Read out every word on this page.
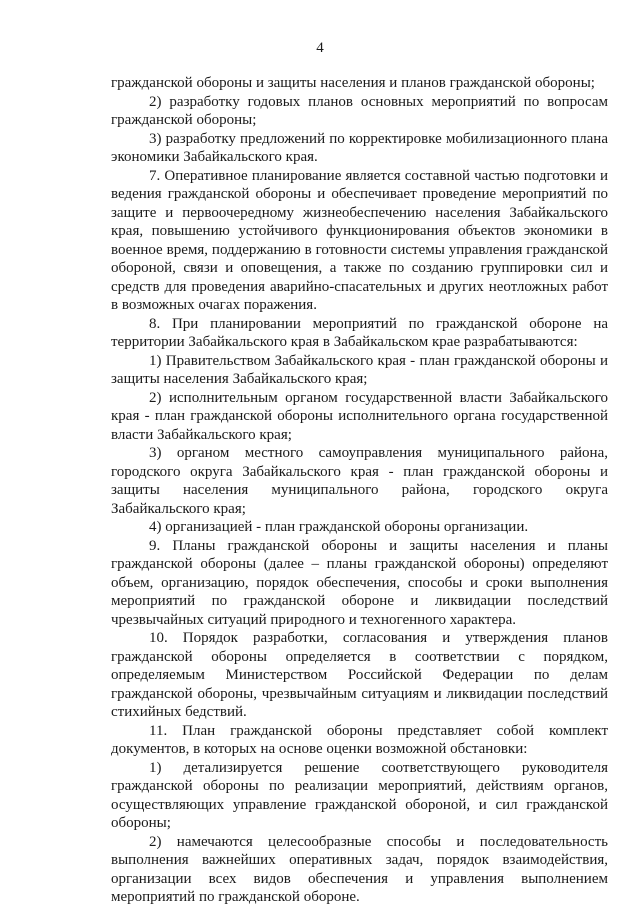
4

гражданской обороны и защиты населения и планов гражданской обороны;

2) разработку годовых планов основных мероприятий по вопросам гражданской обороны;

3) разработку предложений по корректировке мобилизационного плана экономики Забайкальского края.

7. Оперативное планирование является составной частью подготовки и ведения гражданской обороны и обеспечивает проведение мероприятий по защите и первоочередному жизнеобеспечению населения Забайкальского края, повышению устойчивого функционирования объектов экономики в военное время, поддержанию в готовности системы управления гражданской обороной, связи и оповещения, а также по созданию группировки сил и средств для проведения аварийно-спасательных и других неотложных работ в возможных очагах поражения.

8. При планировании мероприятий по гражданской обороне на территории Забайкальского края в Забайкальском крае разрабатываются:

1) Правительством Забайкальского края - план гражданской обороны и защиты населения Забайкальского края;

2) исполнительным органом государственной власти Забайкальского края - план гражданской обороны исполнительного органа государственной власти Забайкальского края;

3) органом местного самоуправления муниципального района, городского округа Забайкальского края - план гражданской обороны и защиты населения муниципального района, городского округа Забайкальского края;

4) организацией - план гражданской обороны организации.

9. Планы гражданской обороны и защиты населения и планы гражданской обороны (далее – планы гражданской обороны) определяют объем, организацию, порядок обеспечения, способы и сроки выполнения мероприятий по гражданской обороне и ликвидации последствий чрезвычайных ситуаций природного и техногенного характера.

10. Порядок разработки, согласования и утверждения планов гражданской обороны определяется в соответствии с порядком, определяемым Министерством Российской Федерации по делам гражданской обороны, чрезвычайным ситуациям и ликвидации последствий стихийных бедствий.

11. План гражданской обороны представляет собой комплект документов, в которых на основе оценки возможной обстановки:

1) детализируется решение соответствующего руководителя гражданской обороны по реализации мероприятий, действиям органов, осуществляющих управление гражданской обороной, и сил гражданской обороны;

2) намечаются целесообразные способы и последовательность выполнения важнейших оперативных задач, порядок взаимодействия, организации всех видов обеспечения и управления выполнением мероприятий по гражданской обороне.
